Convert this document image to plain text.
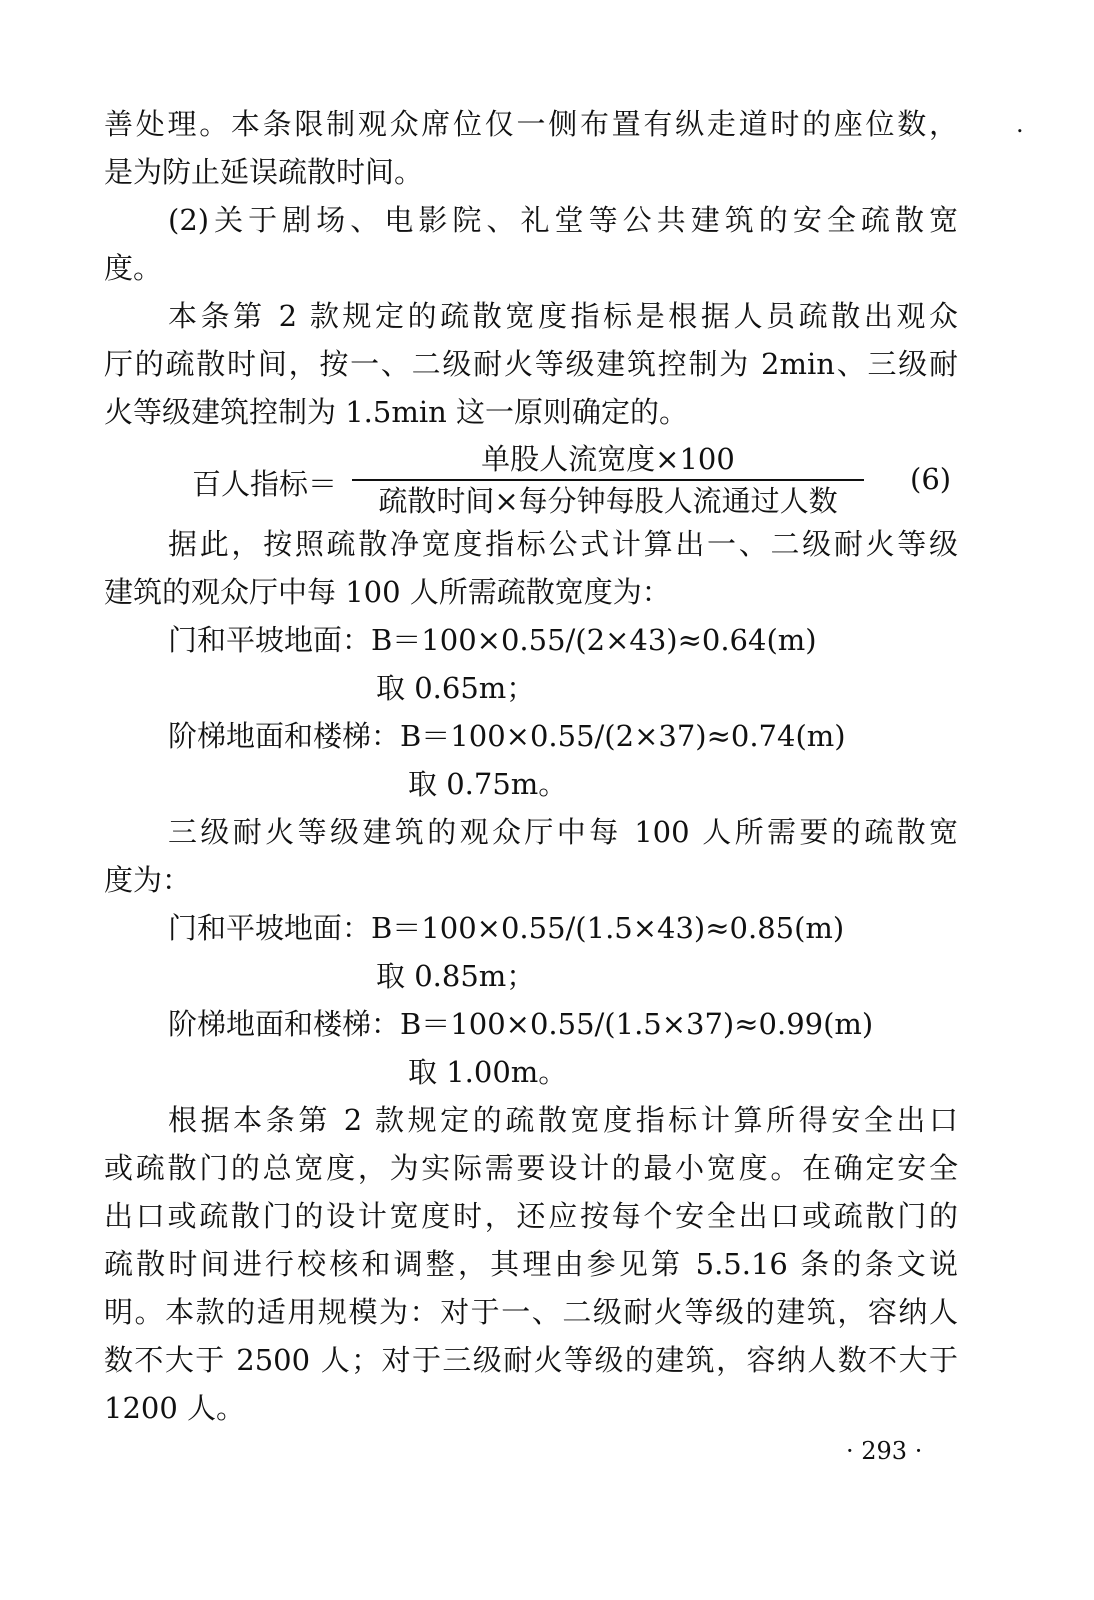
.
善处理。本条限制观众席位仅一侧布置有纵走道时的座位数，
是为防止延误疏散时间。
(2)关于剧场、电影院、礼堂等公共建筑的安全疏散宽
度。
本条第 2 款规定的疏散宽度指标是根据人员疏散出观众
厅的疏散时间，按一、二级耐火等级建筑控制为 2min、三级耐
火等级建筑控制为 1.5min 这一原则确定的。
百人指标＝
单股人流宽度×100
疏散时间×每分钟每股人流通过人数
(6)
据此，按照疏散净宽度指标公式计算出一、二级耐火等级
建筑的观众厅中每 100 人所需疏散宽度为：
门和平坡地面：B＝100×0.55/(2×43)≈0.64(m)
取 0.65m；
阶梯地面和楼梯：B＝100×0.55/(2×37)≈0.74(m)
取 0.75m。
三级耐火等级建筑的观众厅中每 100 人所需要的疏散宽
度为：
门和平坡地面：B＝100×0.55/(1.5×43)≈0.85(m)
取 0.85m；
阶梯地面和楼梯：B＝100×0.55/(1.5×37)≈0.99(m)
取 1.00m。
根据本条第 2 款规定的疏散宽度指标计算所得安全出口
或疏散门的总宽度，为实际需要设计的最小宽度。在确定安全
出口或疏散门的设计宽度时，还应按每个安全出口或疏散门的
疏散时间进行校核和调整，其理由参见第 5.5.16 条的条文说
明。本款的适用规模为：对于一、二级耐火等级的建筑，容纳人
数不大于 2500 人；对于三级耐火等级的建筑，容纳人数不大于
1200 人。
· 293 ·
